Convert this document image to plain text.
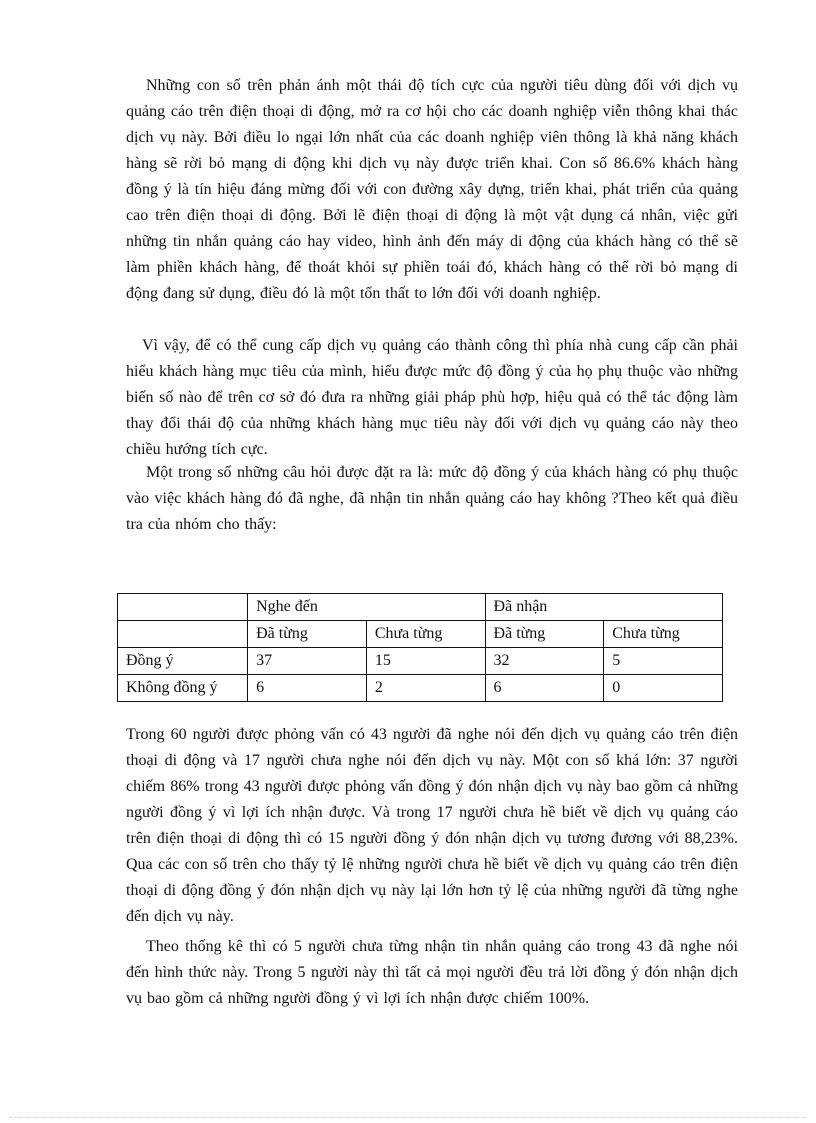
Những con số trên phản ánh một thái độ tích cực của người tiêu dùng đối với dịch vụ quảng cáo trên điện thoại di động, mở ra cơ hội cho các doanh nghiệp viễn thông khai thác dịch vụ này. Bởi điều lo ngại lớn nhất của các doanh nghiệp viên thông là khả năng khách hàng sẽ rời bỏ mạng di động khi dịch vụ này được triển khai. Con số 86.6% khách hàng đồng ý là tín hiệu đáng mừng đối với con đường xây dựng, triển khai, phát triển của quảng cao trên điện thoại di động. Bởi lẽ điện thoại di động là một vật dụng cá nhân, việc gửi những tin nhắn quảng cáo hay video, hình ảnh đến máy di động của khách hàng có thể sẽ làm phiền khách hàng, để thoát khỏi sự phiền toái đó, khách hàng có thể rời bỏ mạng di động đang sử dụng, điều đó là một tổn thất to lớn đối với doanh nghiệp.

Vì vậy, để có thể cung cấp dịch vụ quảng cáo thành công thì phía nhà cung cấp cần phải hiểu khách hàng mục tiêu của mình, hiểu được mức độ đồng ý của họ phụ thuộc vào những biến số nào để trên cơ sở đó đưa ra những giải pháp phù hợp, hiệu quả có thể tác động làm thay đổi thái độ của những khách hàng mục tiêu này đối với dịch vụ quảng cáo này theo chiều hướng tích cực.

Một trong số những câu hỏi được đặt ra là: mức độ đồng ý của khách hàng có phụ thuộc vào việc khách hàng đó đã nghe, đã nhận tin nhắn quảng cáo hay không ?Theo kết quả điều tra của nhóm cho thấy:

	Nghe đến		Đã nhận	
	Đã từng	Chưa từng	Đã từng	Chưa từng
Đồng ý	37	15	32	5
Không đồng ý	6	2	6	0

Trong 60 người được phỏng vấn có 43 người đã nghe nói đến dịch vụ quảng cáo trên điện thoại di động và 17 người chưa nghe nói đến dịch vụ này. Một con số khá lớn: 37 người chiếm 86% trong 43 người được phỏng vấn đồng ý đón nhận dịch vụ này bao gồm cả những người đồng ý vì lợi ích nhận được. Và trong 17 người chưa hề biết về dịch vụ quảng cáo trên điện thoại di động thì có 15 người đồng ý đón nhận dịch vụ tương đương với 88,23%. Qua các con số trên cho thấy tỷ lệ những người chưa hề biết về dịch vụ quảng cáo trên điện thoại di động đồng ý đón nhận dịch vụ này lại lớn hơn tỷ lệ của những người đã từng nghe đến dịch vụ này.

Theo thống kê thì có 5 người chưa từng nhận tin nhắn quảng cáo trong 43 đã nghe nói đến hình thức này. Trong 5 người này thì tất cả mọi người đều trả lời đồng ý đón nhận dịch vụ bao gồm cả những người đồng ý vì lợi ích nhận được chiếm 100%.
